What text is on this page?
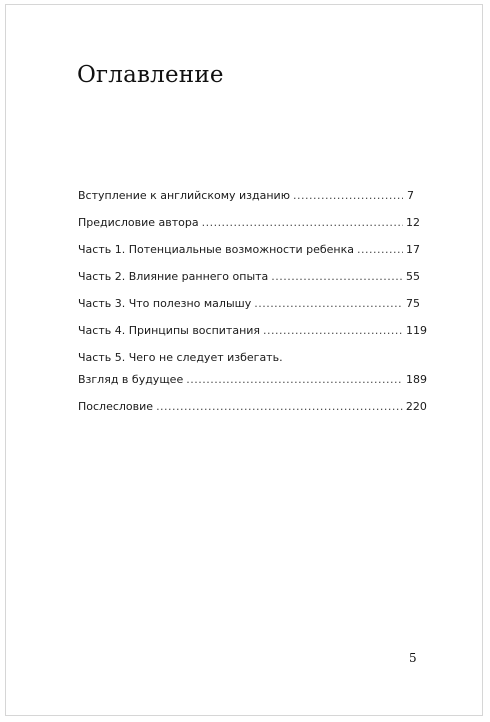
Оглавление
Вступление к английскому изданию .....	7
Предисловие автора .....	12
Часть 1. Потенциальные возможности ребенка .....	17
Часть 2. Влияние раннего опыта .....	55
Часть 3. Что полезно малышу .....	75
Часть 4. Принципы воспитания .....	119
Часть 5. Чего не следует избегать.
Взгляд в будущее .....	189
Послесловие .....	220
5
